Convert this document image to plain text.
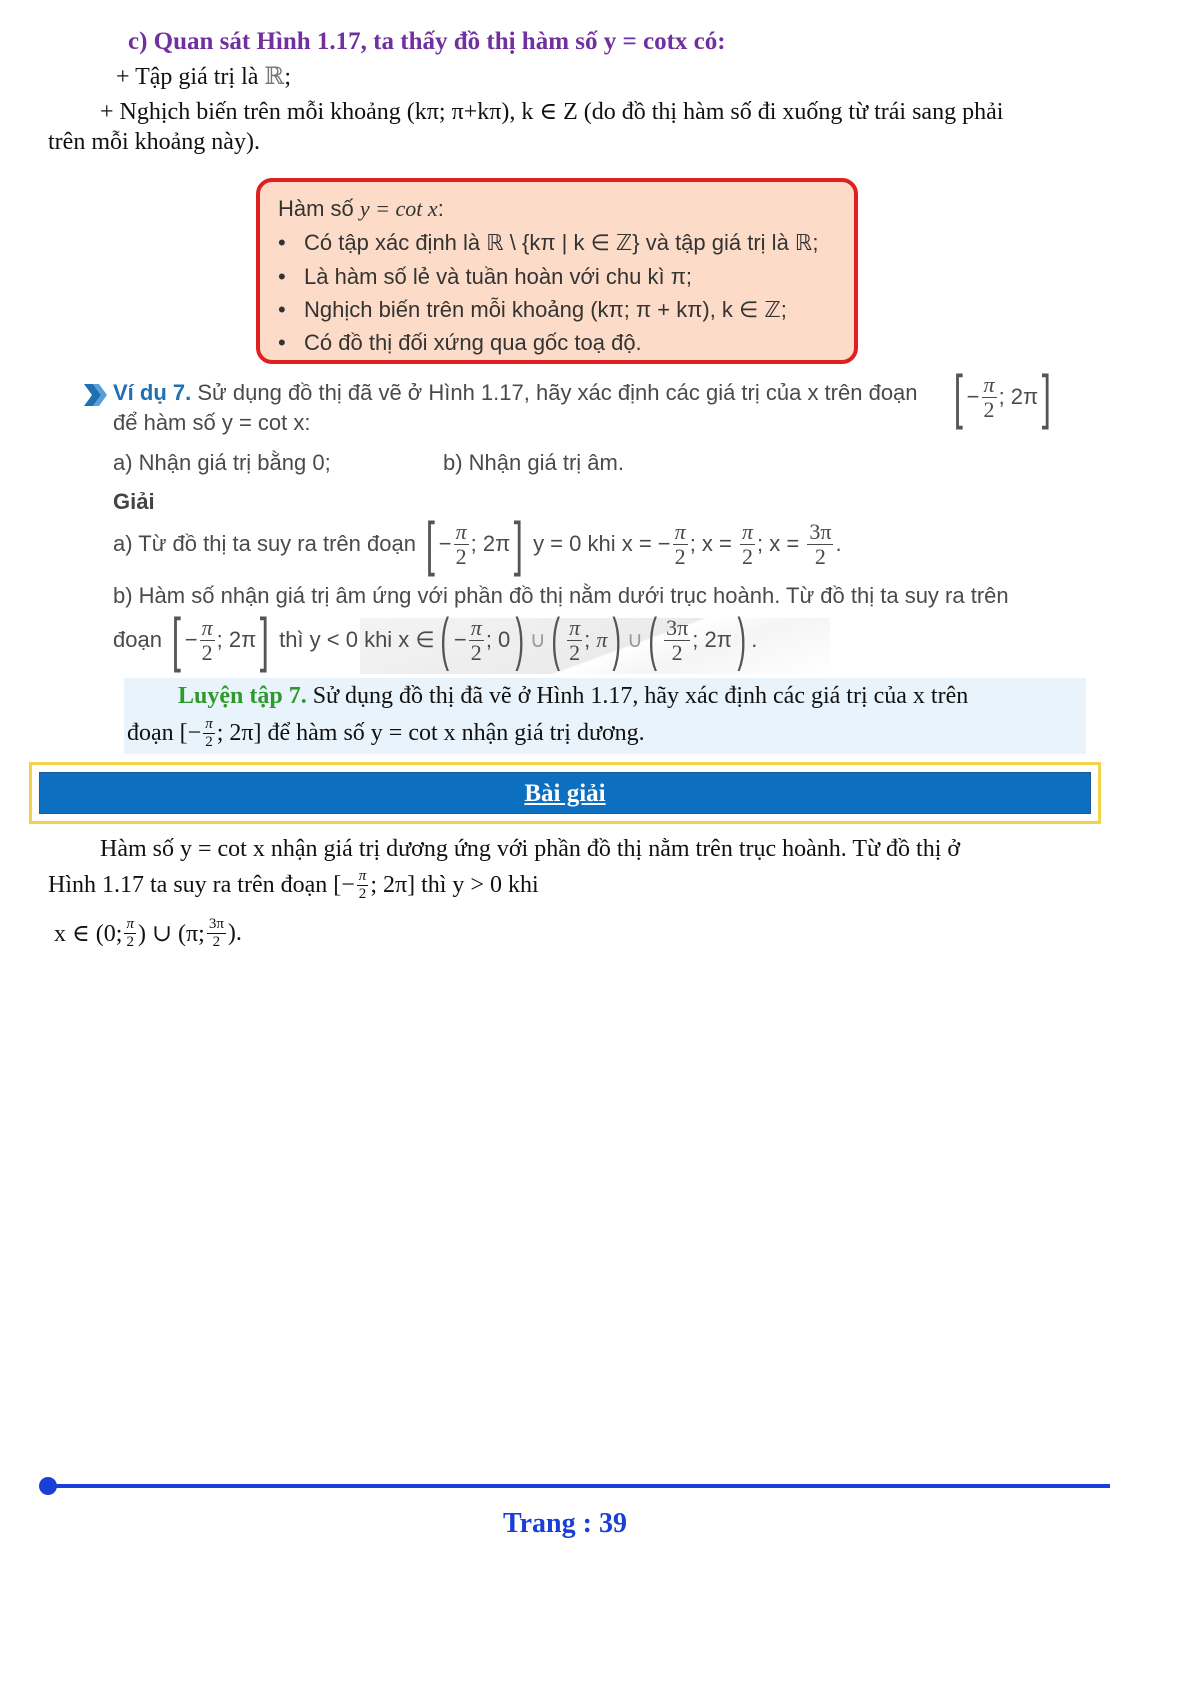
c) Quan sát Hình 1.17, ta thấy đồ thị hàm số y = cotx có:
+ Tập giá trị là ℝ;
+ Nghịch biến trên mỗi khoảng (kπ; π+kπ), k ∈ Z (do đồ thị hàm số đi xuống từ trái sang phải
trên mỗi khoảng này).
Hàm số y = cot x:
•   Có tập xác định là ℝ \ {kπ | k ∈ ℤ} và tập giá trị là ℝ;
•   Là hàm số lẻ và tuần hoàn với chu kì π;
•   Nghịch biến trên mỗi khoảng (kπ; π + kπ), k ∈ ℤ;
•   Có đồ thị đối xứng qua gốc toạ độ.
Ví dụ 7. Sử dụng đồ thị đã vẽ ở Hình 1.17, hãy xác định các giá trị của x trên đoạn [ − $\frac{\pi}{2}$ ; 2π ]
để hàm số y = cot x:
a) Nhận giá trị bằng 0;	b) Nhận giá trị âm.
Giải
a) Từ đồ thị ta suy ra trên đoạn
[ − $\frac{\pi}{2}$ ; 2π ]
y = 0 khi
x = − $\frac{\pi}{2}$ ; x =
$\frac{\pi}{2}$ ; x =
$\frac{3\pi}{2}$ .
b) Hàm số nhận giá trị âm ứng với phần đồ thị nằm dưới trục hoành. Từ đồ thị ta suy ra trên
đoạn
[ − $\frac{\pi}{2}$ ; 2π ]
thì y < 0 khi x ∈ ( − $\frac{\pi}{2}$ ; 0 ) ∪ ( $\frac{\pi}{2}$ ; π ) ∪ ( $\frac{3\pi}{2}$ ; 2π ) .
Luyện tập 7. Sử dụng đồ thị đã vẽ ở Hình 1.17, hãy xác định các giá trị của x trên
đoạn [− $\frac{\pi}{2}$ ; 2π] để hàm số y = cot x nhận giá trị dương.
Bài giải
Hàm số y = cot x nhận giá trị dương ứng với phần đồ thị nằm trên trục hoành. Từ đồ thị ở
Hình 1.17 ta suy ra trên đoạn [− $\frac{\pi}{2}$ ; 2π] thì y > 0 khi
x ∈ (0; $\frac{\pi}{2}$ ) ∪ (π; $\frac{3\pi}{2}$ ).
Trang : 39
